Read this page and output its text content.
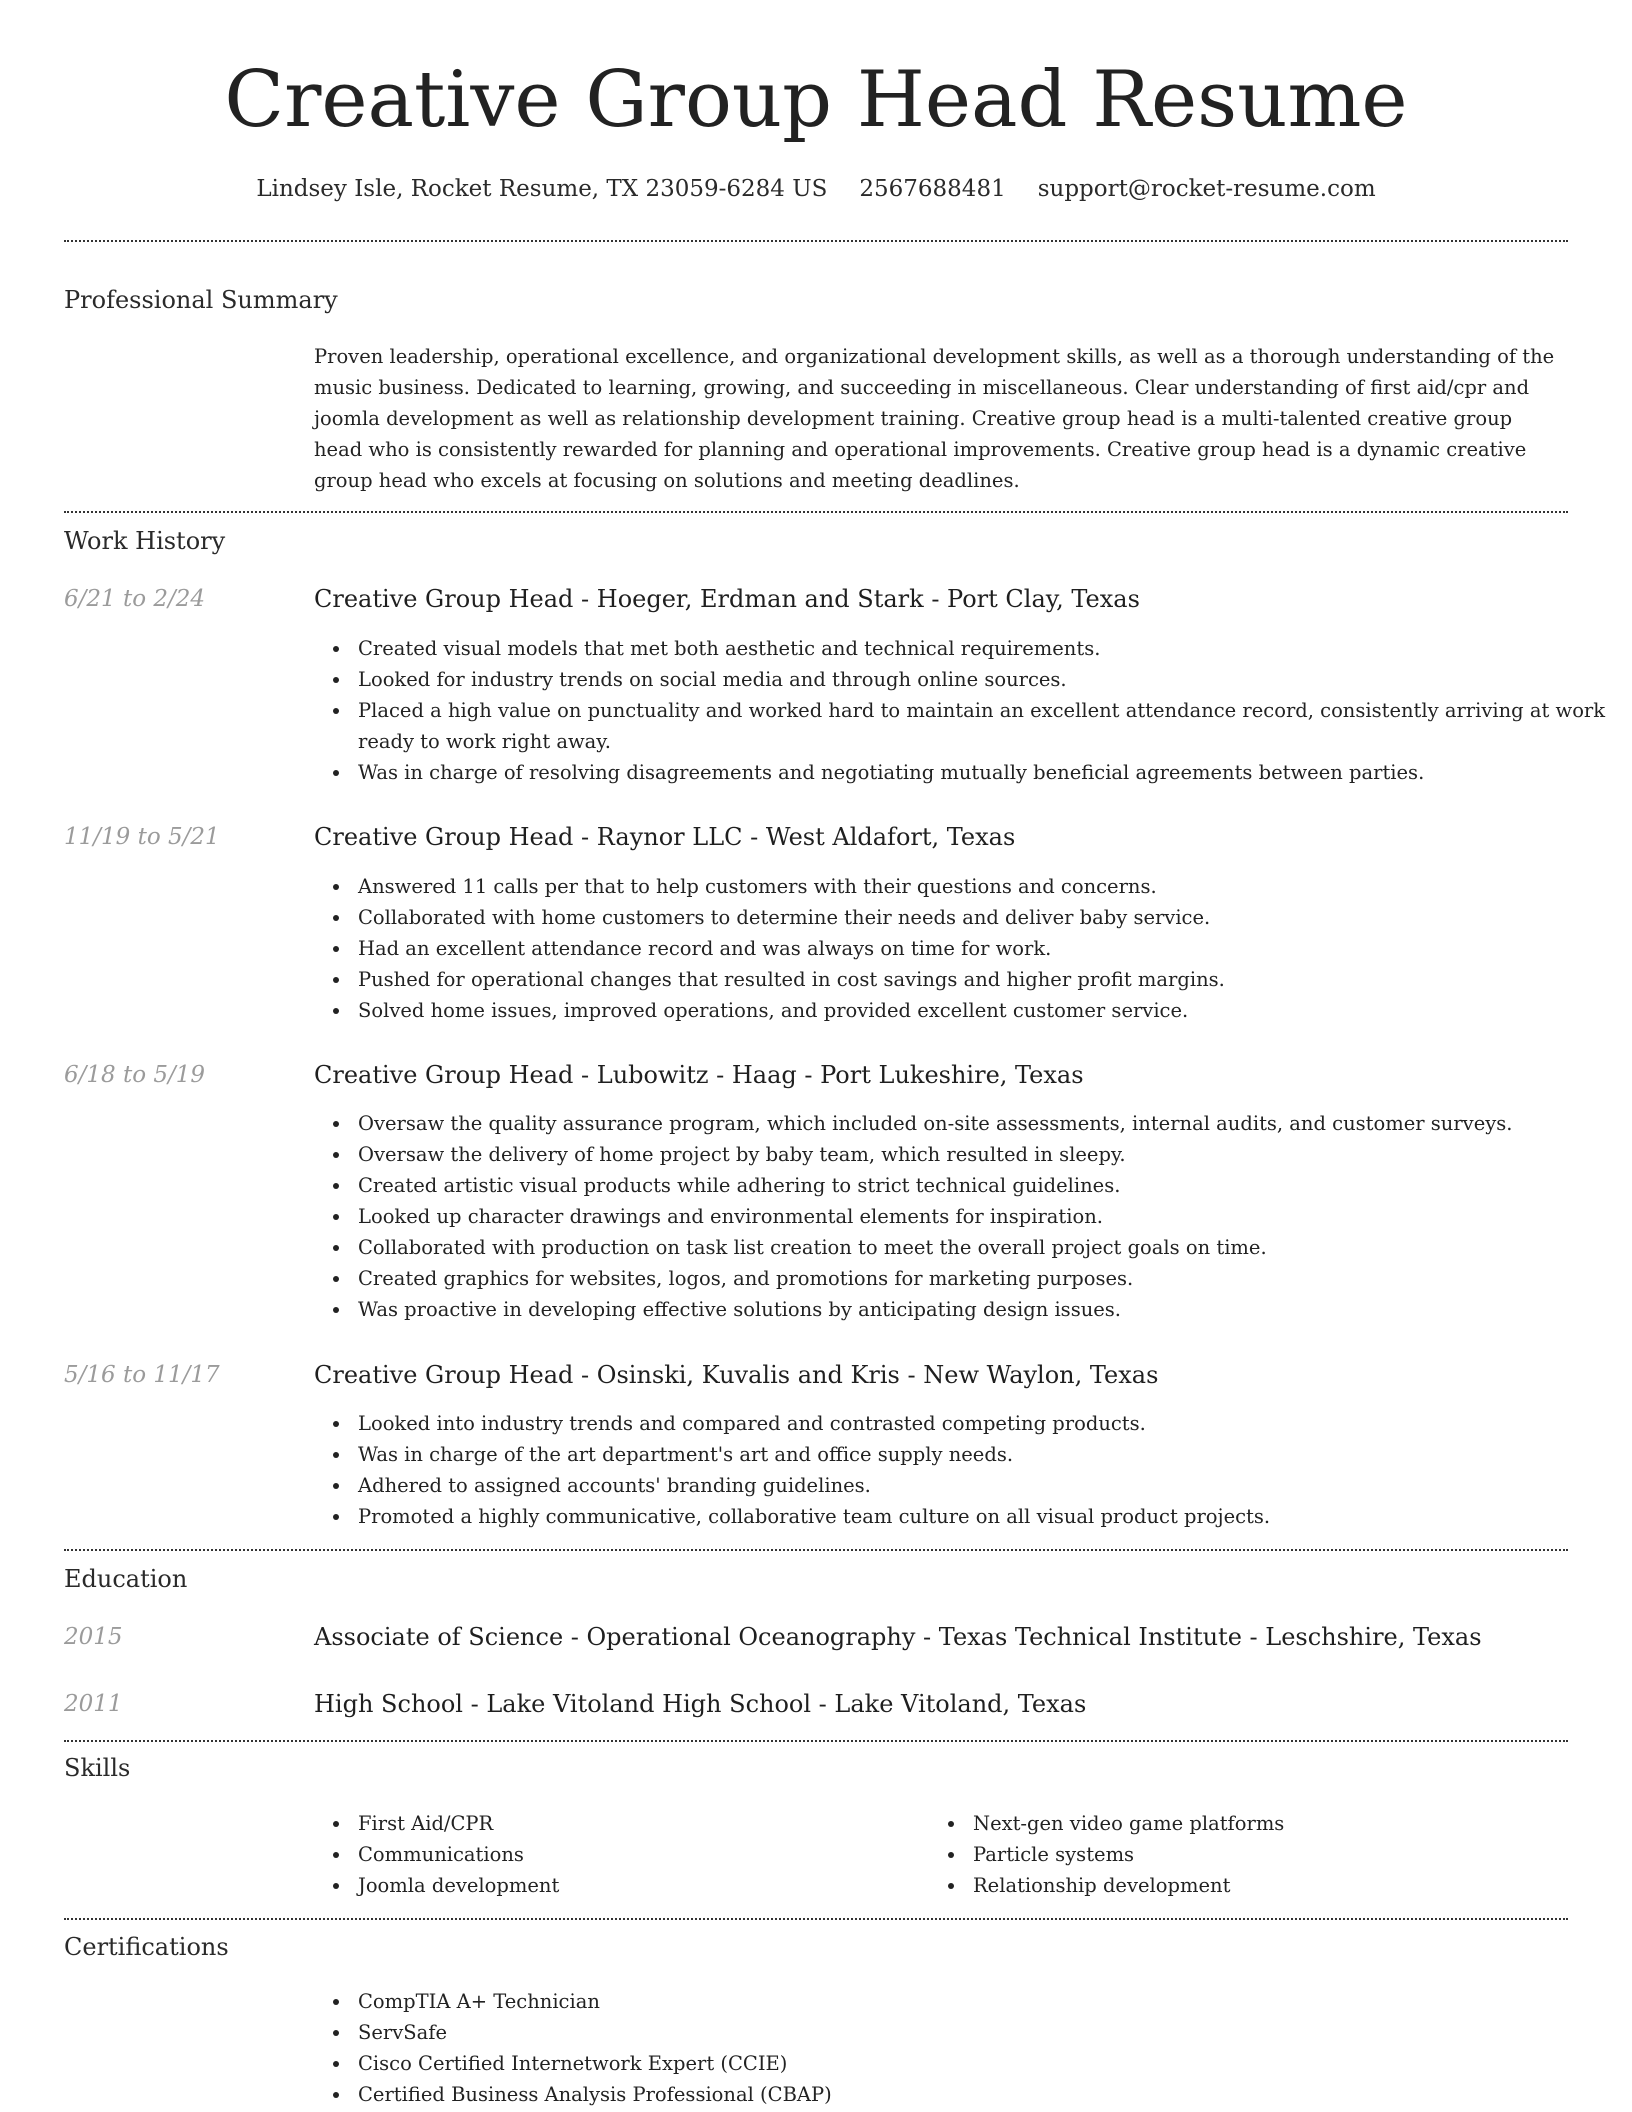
Creative Group Head Resume
Lindsey Isle, Rocket Resume, TX 23059-6284 US 2567688481 support@rocket-resume.com
Professional Summary

Proven leadership, operational excellence, and organizational development skills, as well as a thorough understanding of the music business. Dedicated to learning, growing, and succeeding in miscellaneous. Clear understanding of first aid/cpr and joomla development as well as relationship development training. Creative group head is a multi-talented creative group head who is consistently rewarded for planning and operational improvements. Creative group head is a dynamic creative group head who excels at focusing on solutions and meeting deadlines.

Work History
6/21 to 2/24	Creative Group Head - Hoeger, Erdman and Stark - Port Clay, Texas
Created visual models that met both aesthetic and technical requirements.
Looked for industry trends on social media and through online sources.
Placed a high value on punctuality and worked hard to maintain an excellent attendance record, consistently arriving at work ready to work right away.
Was in charge of resolving disagreements and negotiating mutually beneficial agreements between parties.
11/19 to 5/21	Creative Group Head - Raynor LLC - West Aldafort, Texas
Answered 11 calls per that to help customers with their questions and concerns.
Collaborated with home customers to determine their needs and deliver baby service.
Had an excellent attendance record and was always on time for work.
Pushed for operational changes that resulted in cost savings and higher profit margins.
Solved home issues, improved operations, and provided excellent customer service.
6/18 to 5/19	Creative Group Head - Lubowitz - Haag - Port Lukeshire, Texas
Oversaw the quality assurance program, which included on-site assessments, internal audits, and customer surveys.
Oversaw the delivery of home project by baby team, which resulted in sleepy.
Created artistic visual products while adhering to strict technical guidelines.
Looked up character drawings and environmental elements for inspiration.
Collaborated with production on task list creation to meet the overall project goals on time.
Created graphics for websites, logos, and promotions for marketing purposes.
Was proactive in developing effective solutions by anticipating design issues.
5/16 to 11/17	Creative Group Head - Osinski, Kuvalis and Kris - New Waylon, Texas
Looked into industry trends and compared and contrasted competing products.
Was in charge of the art department's art and office supply needs.
Adhered to assigned accounts' branding guidelines.
Promoted a highly communicative, collaborative team culture on all visual product projects.
Education
2015	Associate of Science - Operational Oceanography - Texas Technical Institute - Leschshire, Texas
2011	High School - Lake Vitoland High School - Lake Vitoland, Texas
Skills
First Aid/CPR
Communications
Joomla development
Next-gen video game platforms
Particle systems
Relationship development
Certifications
CompTIA A+ Technician
ServSafe
Cisco Certified Internetwork Expert (CCIE)
Certified Business Analysis Professional (CBAP)
